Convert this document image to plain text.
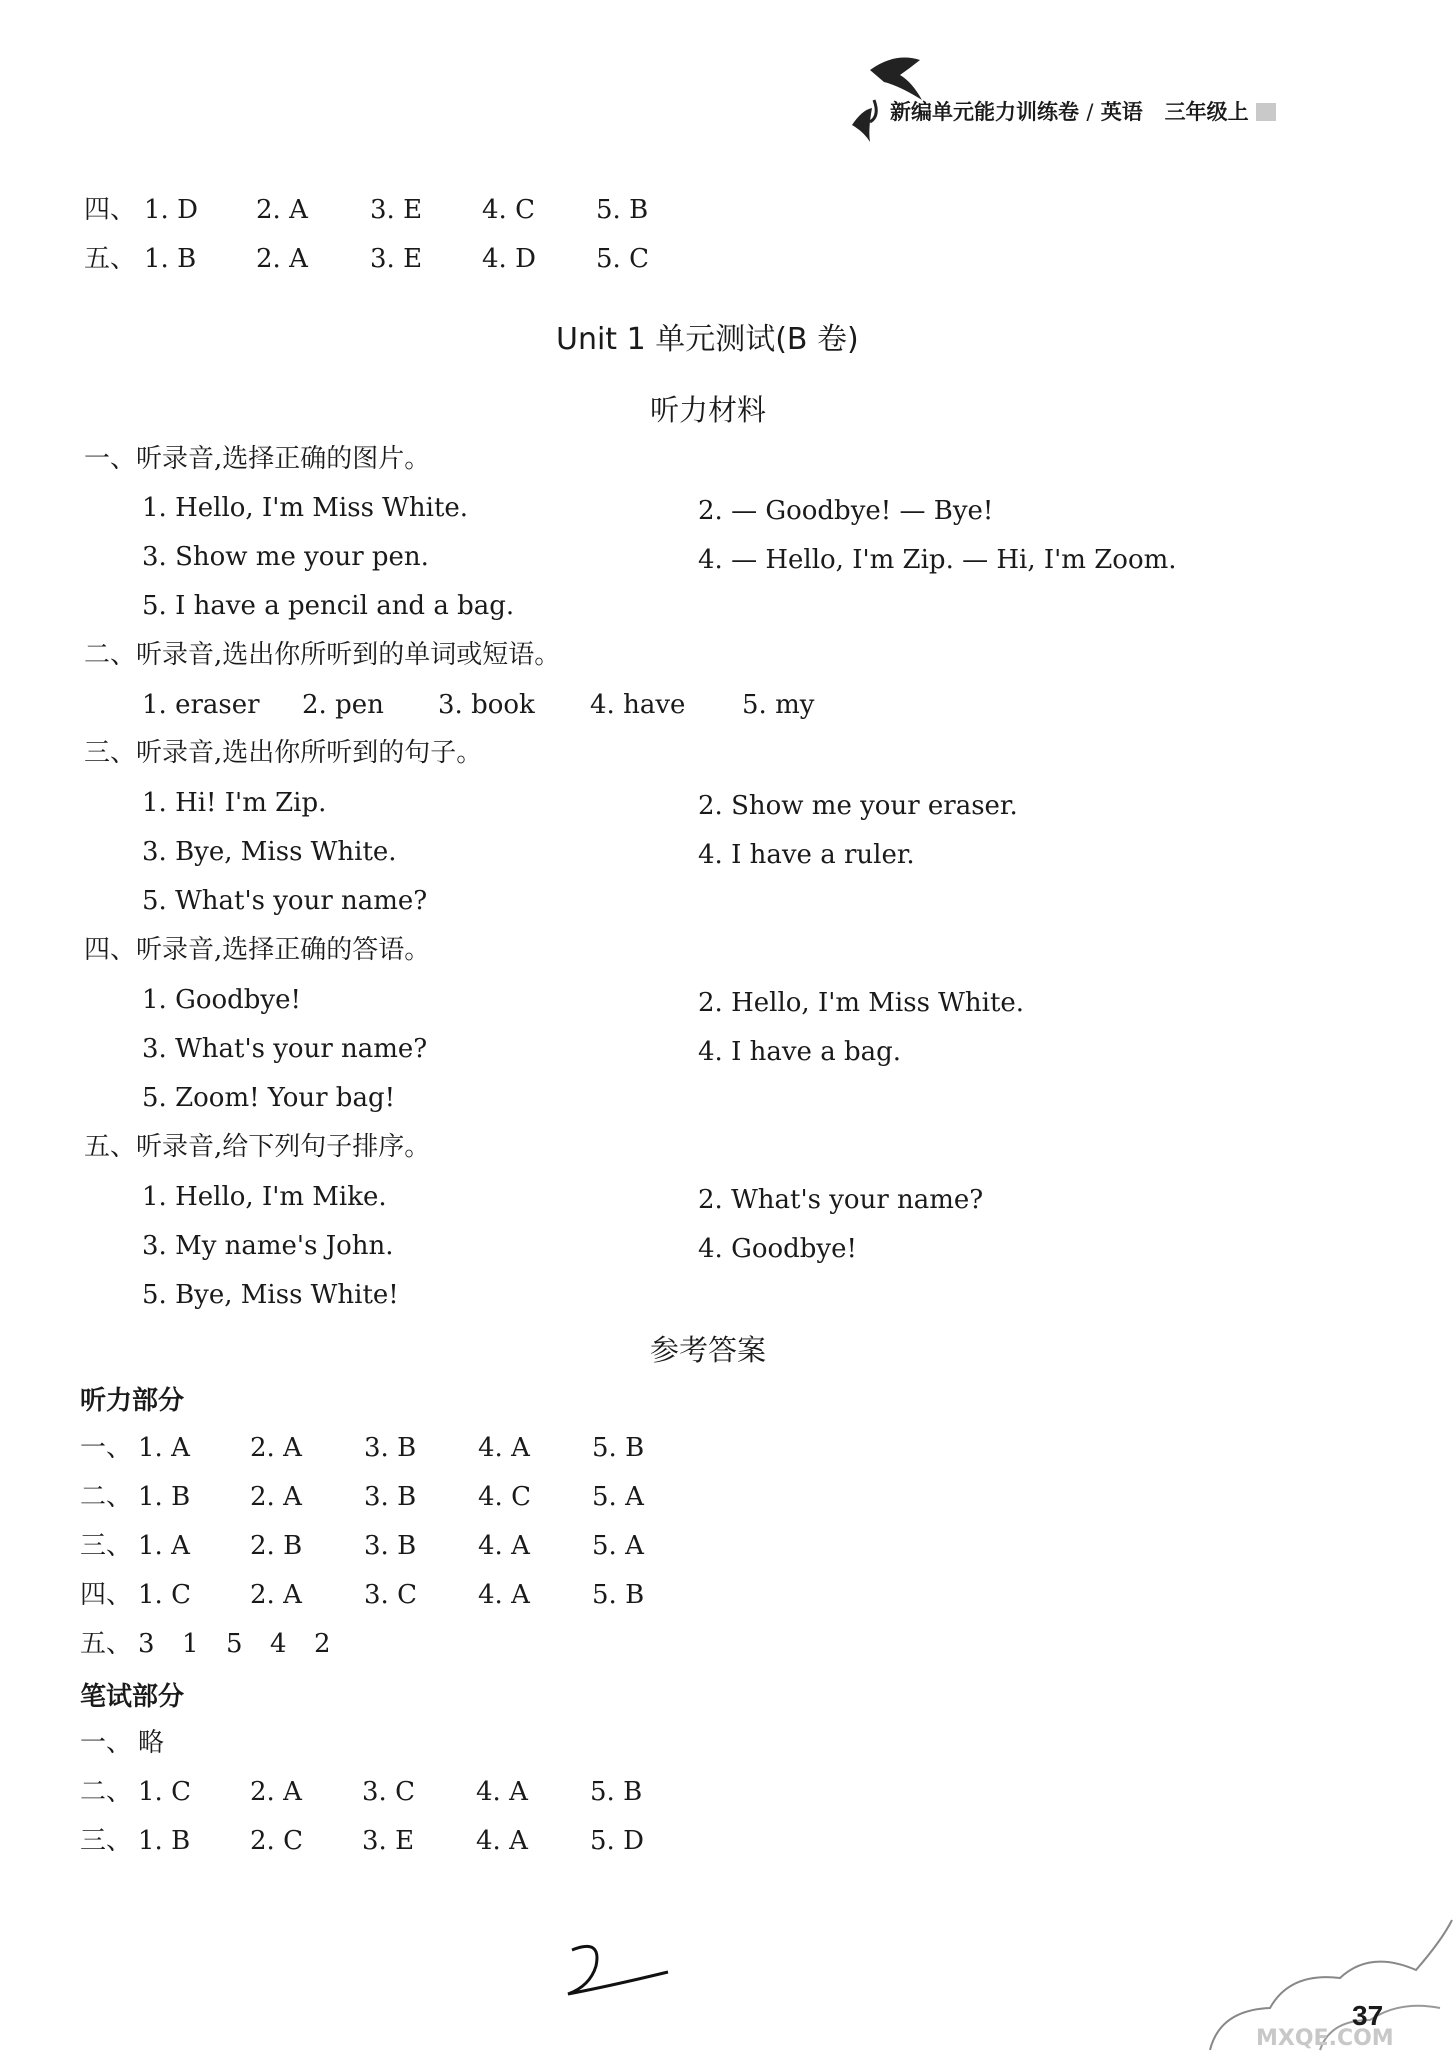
新编单元能力训练卷 / 英语 三年级上
四、 1. D 2. A 3. E 4. C 5. B
五、 1. B 2. A 3. E 4. D 5. C
Unit 1 单元测试(B 卷)
听力材料
一、听录音,选择正确的图片。
1. Hello, I'm Miss White.	2. — Goodbye! — Bye!
3. Show me your pen.	4. — Hello, I'm Zip. — Hi, I'm Zoom.
5. I have a pencil and a bag.
二、听录音,选出你所听到的单词或短语。
1. eraser 2. pen 3. book 4. have 5. my
三、听录音,选出你所听到的句子。
1. Hi! I'm Zip.	2. Show me your eraser.
3. Bye, Miss White.	4. I have a ruler.
5. What's your name?
四、听录音,选择正确的答语。
1. Goodbye!	2. Hello, I'm Miss White.
3. What's your name?	4. I have a bag.
5. Zoom! Your bag!
五、听录音,给下列句子排序。
1. Hello, I'm Mike.	2. What's your name?
3. My name's John.	4. Goodbye!
5. Bye, Miss White!
参考答案
听力部分
一、 1. A 2. A 3. B 4. A 5. B
二、 1. B 2. A 3. B 4. C 5. A
三、 1. A 2. B 3. B 4. A 5. A
四、 1. C 2. A 3. C 4. A 5. B
五、 3 1 5 4 2
笔试部分
一、 略
二、 1. C 2. A 3. C 4. A 5. B
三、 1. B 2. C 3. E 4. A 5. D
37
MXQE.COM
